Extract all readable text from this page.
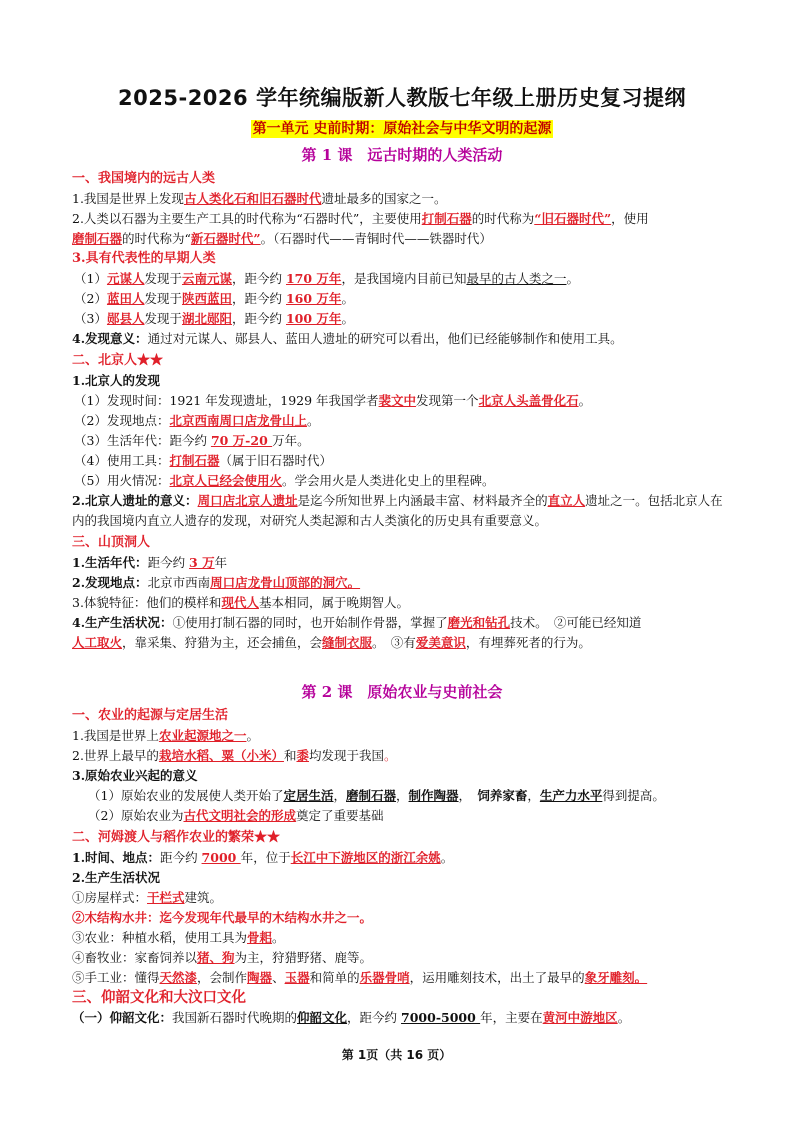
2025-2026 学年统编版新人教版七年级上册历史复习提纲
第一单元 史前时期：原始社会与中华文明的起源
第 1 课　远古时期的人类活动
一、我国境内的远古人类
1.我国是世界上发现古人类化石和旧石器时代遗址最多的国家之一。
2.人类以石器为主要生产工具的时代称为“石器时代”，主要使用打制石器的时代称为“旧石器时代”，使用
磨制石器的时代称为“新石器时代”。（石器时代——青铜时代——铁器时代）
3.具有代表性的早期人类
（1）元谋人发现于云南元谋，距今约 170 万年，是我国境内目前已知最早的古人类之一。
（2）蓝田人发现于陕西蓝田，距今约 160 万年。
（3）郧县人发现于湖北郧阳，距今约 100 万年。
4.发现意义：通过对元谋人、郧县人、蓝田人遗址的研究可以看出，他们已经能够制作和使用工具。
二、北京人★★
1.北京人的发现
（1）发现时间：1921 年发现遗址，1929 年我国学者裴文中发现第一个北京人头盖骨化石。
（2）发现地点：北京西南周口店龙骨山上。
（3）生活年代：距今约 70 万-20 万年。
（4）使用工具：打制石器（属于旧石器时代）
（5）用火情况：北京人已经会使用火。学会用火是人类进化史上的里程碑。
2.北京人遗址的意义：周口店北京人遗址是迄今所知世界上内涵最丰富、材料最齐全的直立人遗址之一。包括北京人在内的我国境内直立人遗存的发现，对研究人类起源和古人类演化的历史具有重要意义。
三、山顶洞人
1.生活年代：距今约 3 万年
2.发现地点：北京市西南周口店龙骨山顶部的洞穴。
3.体貌特征：他们的模样和现代人基本相同，属于晚期智人。
4.生产生活状况：①使用打制石器的同时，也开始制作骨器，掌握了磨光和钻孔技术。　②可能已经知道
人工取火，靠采集、狩猎为主，还会捕鱼，会缝制衣服。　③有爱美意识，有埋葬死者的行为。
第 2 课　原始农业与史前社会
一、农业的起源与定居生活
1.我国是世界上农业起源地之一。
2.世界上最早的栽培水稻、粟（小米）和黍均发现于我国。
3.原始农业兴起的意义
（1）原始农业的发展使人类开始了定居生活，磨制石器，制作陶器，　饲养家畜，生产力水平得到提高。
（2）原始农业为古代文明社会的形成奠定了重要基础
二、河姆渡人与稻作农业的繁荣★★
1.时间、地点：距今约 7000 年，位于长江中下游地区的浙江余姚。
2.生产生活状况
①房屋样式：干栏式建筑。
②木结构水井：迄今发现年代最早的木结构水井之一。
③农业：种植水稻，使用工具为骨耜。
④畜牧业：家畜饲养以猪、狗为主，狩猎野猪、鹿等。
⑤手工业：懂得天然漆，会制作陶器、玉器和简单的乐器骨哨，运用雕刻技术，出土了最早的象牙雕刻。
三、仰韶文化和大汶口文化
（一）仰韶文化：我国新石器时代晚期的仰韶文化，距今约 7000-5000 年，主要在黄河中游地区。
第 1页（共 16 页）
